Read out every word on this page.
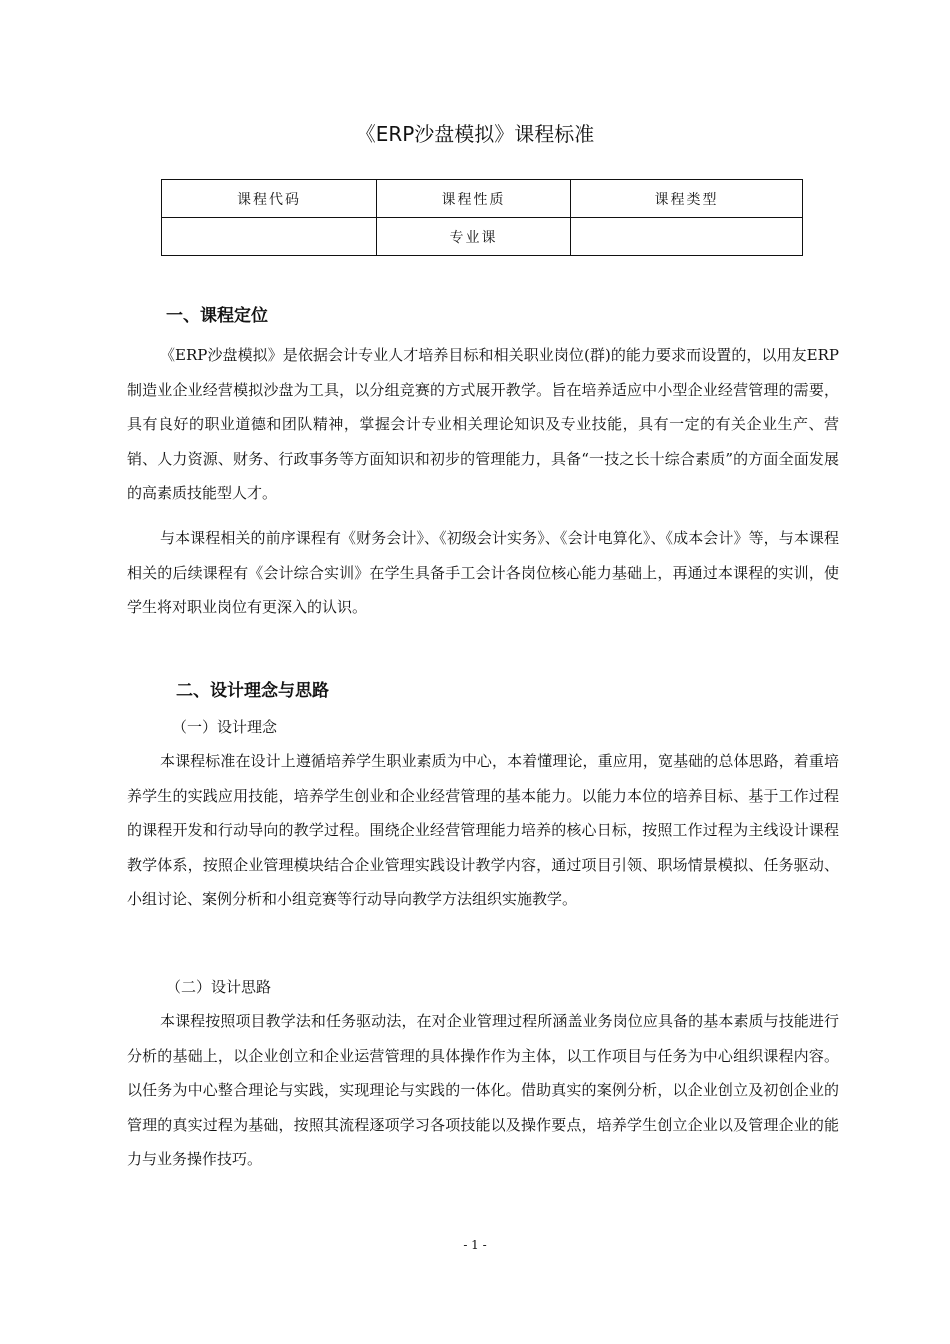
《ERP沙盘模拟》课程标准
课程代码	课程性质	课程类型
	专业课	
一、课程定位

《ERP沙盘模拟》是依据会计专业人才培养目标和相关职业岗位(群)的能力要求而设置的，以用友ERP制造业企业经营模拟沙盘为工具，以分组竞赛的方式展开教学。旨在培养适应中小型企业经营管理的需要，具有良好的职业道德和团队精神，掌握会计专业相关理论知识及专业技能，具有一定的有关企业生产、营销、人力资源、财务、行政事务等方面知识和初步的管理能力，具备“一技之长十综合素质”的方面全面发展的高素质技能型人才。

与本课程相关的前序课程有《财务会计》、《初级会计实务》、《会计电算化》、《成本会计》等，与本课程相关的后续课程有《会计综合实训》在学生具备手工会计各岗位核心能力基础上，再通过本课程的实训，使学生将对职业岗位有更深入的认识。

二、设计理念与思路
（一）设计理念

本课程标准在设计上遵循培养学生职业素质为中心，本着懂理论，重应用，宽基础的总体思路，着重培养学生的实践应用技能，培养学生创业和企业经营管理的基本能力。以能力本位的培养目标、基于工作过程的课程开发和行动导向的教学过程。围绕企业经营管理能力培养的核心日标，按照工作过程为主线设计课程教学体系，按照企业管理模块结合企业管理实践设计教学内容，通过项目引领、职场情景模拟、任务驱动、小组讨论、案例分析和小组竞赛等行动导向教学方法组织实施教学。

（二）设计思路

本课程按照项目教学法和任务驱动法，在对企业管理过程所涵盖业务岗位应具备的基本素质与技能进行分析的基础上，以企业创立和企业运营管理的具体操作作为主体，以工作项目与任务为中心组织课程内容。以任务为中心整合理论与实践，实现理论与实践的一体化。借助真实的案例分析，以企业创立及初创企业的管理的真实过程为基础，按照其流程逐项学习各项技能以及操作要点，培养学生创立企业以及管理企业的能力与业务操作技巧。

- 1 -
